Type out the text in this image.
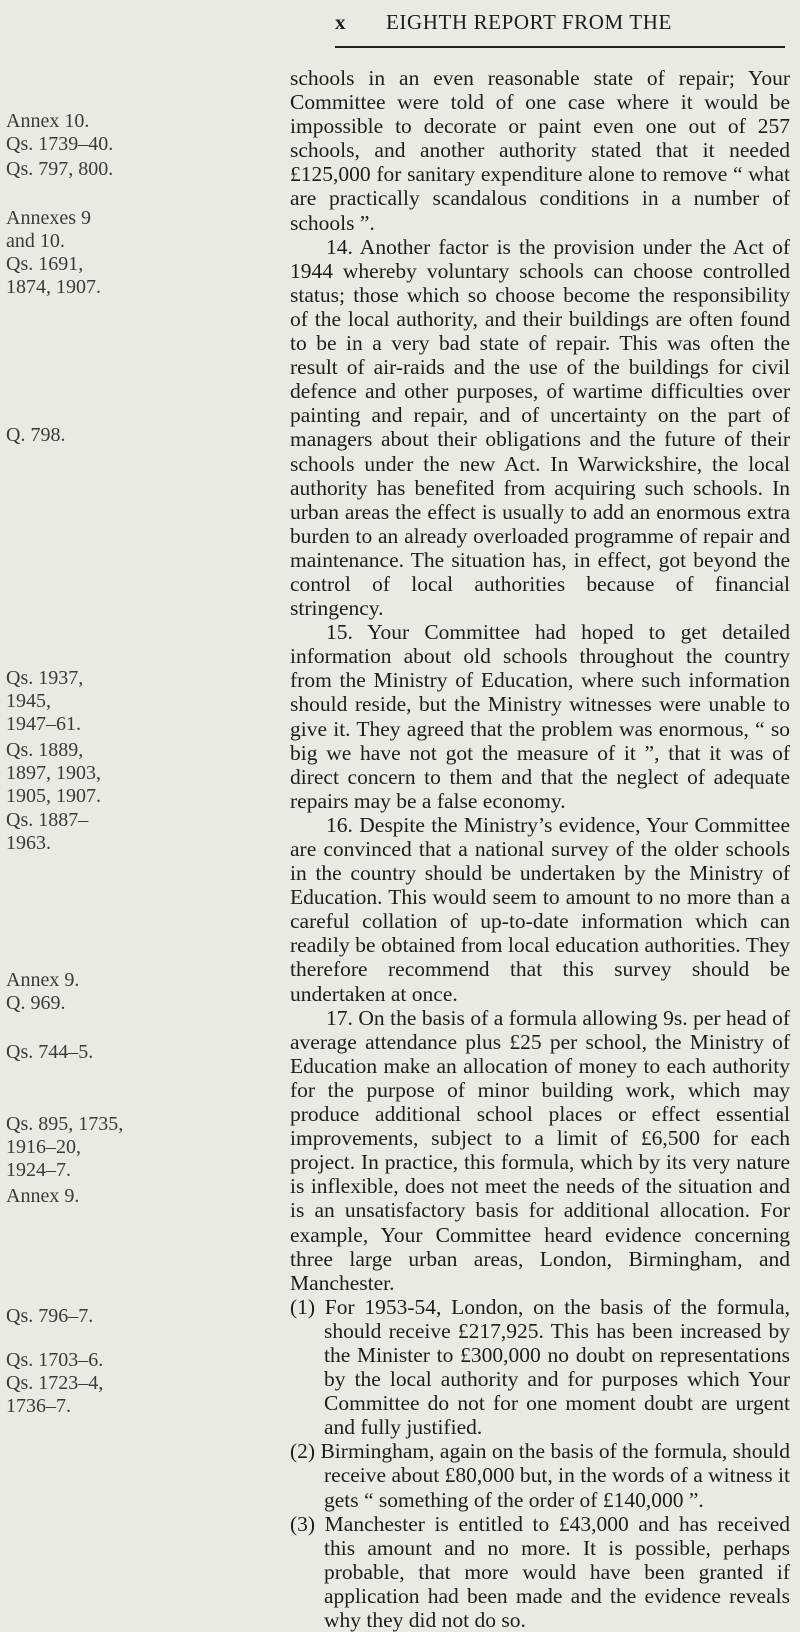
x EIGHTH REPORT FROM THE
Annex 10.
Qs. 1739–40.
Qs. 797, 800.
Annexes 9
and 10.
Qs. 1691,
1874, 1907.
Q. 798.
Qs. 1937,
1945,
1947–61.
Qs. 1889,
1897, 1903,
1905, 1907.
Qs. 1887–
1963.
Annex 9.
Q. 969.
Qs. 744–5.
Qs. 895, 1735,
1916–20,
1924–7.
Annex 9.
Qs. 796–7.
Qs. 1703–6.
Qs. 1723–4,
1736–7.

schools in an even reasonable state of repair; Your Committee were told of one case where it would be impossible to decorate or paint even one out of 257 schools, and another authority stated that it needed £125,000 for sanitary expenditure alone to remove “ what are practically scandalous conditions in a number of schools ”.

14. Another factor is the provision under the Act of 1944 whereby voluntary schools can choose controlled status; those which so choose become the responsibility of the local authority, and their buildings are often found to be in a very bad state of repair. This was often the result of air-raids and the use of the buildings for civil defence and other purposes, of wartime difficulties over painting and repair, and of uncertainty on the part of managers about their obligations and the future of their schools under the new Act. In Warwickshire, the local authority has benefited from acquiring such schools. In urban areas the effect is usually to add an enormous extra burden to an already overloaded programme of repair and maintenance. The situation has, in effect, got beyond the control of local authorities because of financial stringency.

15. Your Committee had hoped to get detailed information about old schools throughout the country from the Ministry of Education, where such information should reside, but the Ministry witnesses were unable to give it. They agreed that the problem was enormous, “ so big we have not got the measure of it ”, that it was of direct concern to them and that the neglect of adequate repairs may be a false economy.

16. Despite the Ministry’s evidence, Your Committee are convinced that a national survey of the older schools in the country should be undertaken by the Ministry of Education. This would seem to amount to no more than a careful collation of up-to-date information which can readily be obtained from local education authorities. They therefore recommend that this survey should be undertaken at once.

17. On the basis of a formula allowing 9s. per head of average attendance plus £25 per school, the Ministry of Education make an allocation of money to each authority for the purpose of minor building work, which may produce additional school places or effect essential improvements, subject to a limit of £6,500 for each project. In practice, this formula, which by its very nature is inflexible, does not meet the needs of the situation and is an unsatisfactory basis for additional allocation. For example, Your Committee heard evidence concerning three large urban areas, London, Birmingham, and Manchester.

(1) For 1953-54, London, on the basis of the formula, should receive £217,925. This has been increased by the Minister to £300,000 no doubt on representations by the local authority and for purposes which Your Committee do not for one moment doubt are urgent and fully justified.

(2) Birmingham, again on the basis of the formula, should receive about £80,000 but, in the words of a witness it gets “ something of the order of £140,000 ”.

(3) Manchester is entitled to £43,000 and has received this amount and no more. It is possible, perhaps probable, that more would have been granted if application had been made and the evidence reveals why they did not do so.
